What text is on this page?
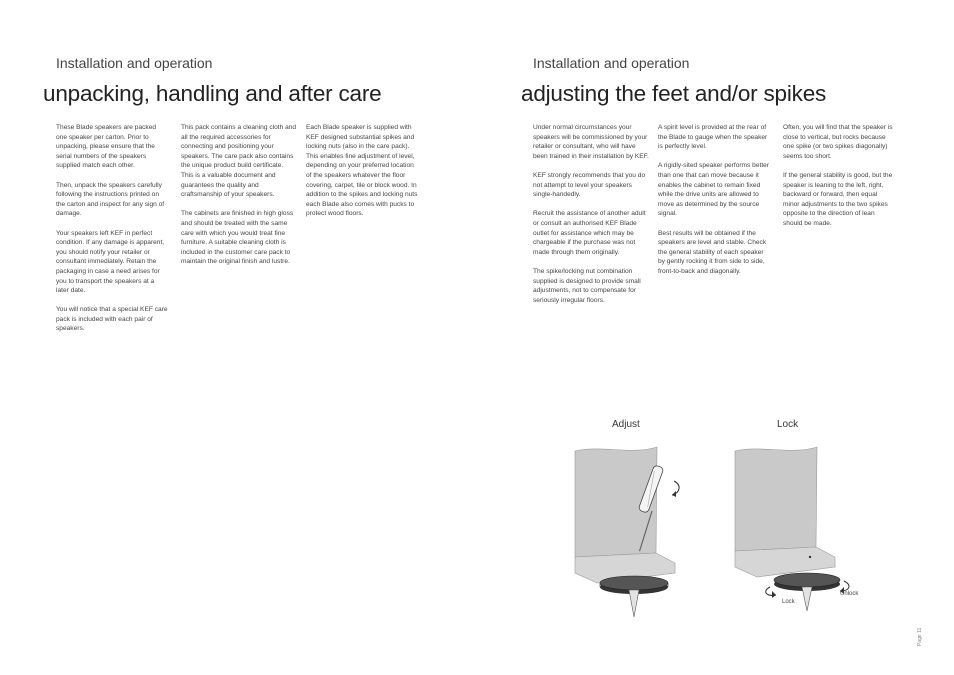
Installation and operation
unpacking, handling and after care

These Blade speakers are packed one speaker per carton. Prior to unpacking, please ensure that the serial numbers of the speakers supplied match each other.

Then, unpack the speakers carefully following the instructions printed on the carton and inspect for any sign of damage.

Your speakers left KEF in perfect condition. If any damage is apparent, you should notify your retailer or consultant immediately. Retain the packaging in case a need arises for you to transport the speakers at a later date.

You will notice that a special KEF care pack is included with each pair of speakers.

This pack contains a cleaning cloth and all the required accessories for connecting and positioning your speakers. The care pack also contains the unique product build certificate. This is a valuable document and guarantees the quality and craftsmanship of your speakers.

The cabinets are finished in high gloss and should be treated with the same care with which you would treat fine furniture. A suitable cleaning cloth is included in the customer care pack to maintain the original finish and lustre.

Each Blade speaker is supplied with KEF designed substantial spikes and locking nuts (also in the care pack). This enables fine adjustment of level, depending on your preferred location of the speakers whatever the floor covering, carpet, tile or block wood. In addition to the spikes and locking nuts each Blade also comes with pucks to protect wood floors.

Installation and operation
adjusting the feet and/or spikes

Under normal circumstances your speakers will be commissioned by your retailer or consultant, who will have been trained in their installation by KEF.

KEF strongly recommends that you do not attempt to level your speakers single-handedly.

Recruit the assistance of another adult or consult an authorised KEF Blade outlet for assistance which may be chargeable if the purchase was not made through them originally.

The spike/locking nut combination supplied is designed to provide small adjustments, not to compensate for seriously irregular floors.

A spirit level is provided at the rear of the Blade to gauge when the speaker is perfectly level.

A rigidly-sited speaker performs better than one that can move because it enables the cabinet to remain fixed while the drive units are allowed to move as determined by the source signal.

Best results will be obtained if the speakers are level and stable. Check the general stability of each speaker by gently rocking it from side to side, front-to-back and diagonally.

Often, you will find that the speaker is close to vertical, but rocks because one spike (or two spikes diagonally) seems too short.

If the general stability is good, but the speaker is leaning to the left, right, backward or forward, then equal minor adjustments to the two spikes opposite to the direction of lean should be made.

Adjust	Lock
Unlock
Lock
Page 11
